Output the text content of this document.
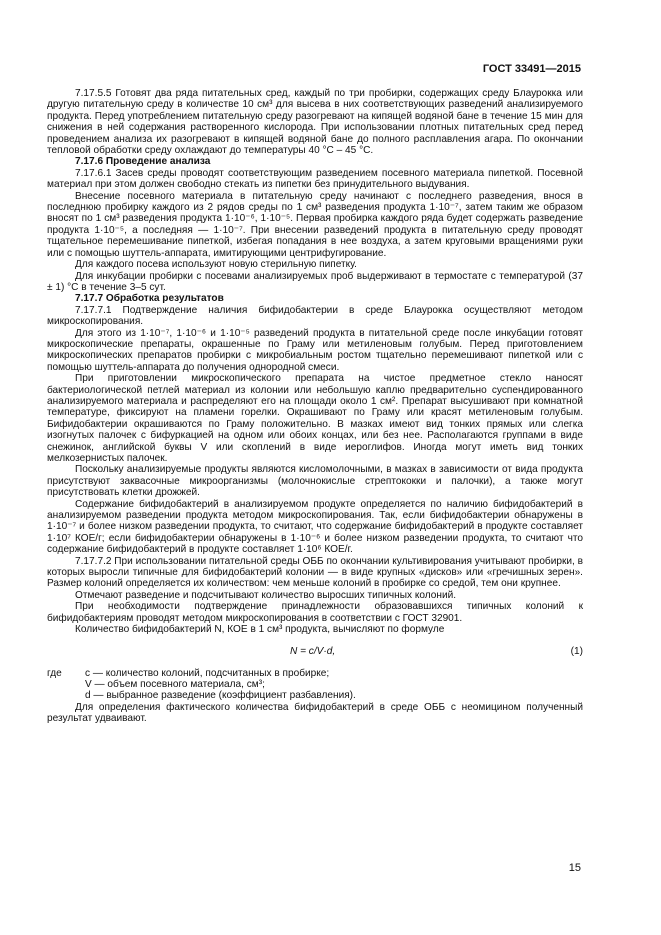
ГОСТ 33491—2015

7.17.5.5 Готовят два ряда питательных сред, каждый по три пробирки, содержащих среду Блаурокка или другую питательную среду в количестве 10 см³ для высева в них соответствующих разведений анализируемого продукта. Перед употреблением питательную среду разогревают на кипящей водяной бане в течение 15 мин для снижения в ней содержания растворенного кислорода. При использовании плотных питательных сред перед проведением анализа их разогревают в кипящей водяной бане до полного расплавления агара. По окончании тепловой обработки среду охлаждают до температуры 40 °С – 45 °С.

7.17.6 Проведение анализа

7.17.6.1 Засев среды проводят соответствующим разведением посевного материала пипеткой. Посевной материал при этом должен свободно стекать из пипетки без принудительного выдувания.

Внесение посевного материала в питательную среду начинают с последнего разведения, внося в последнюю пробирку каждого из 2 рядов среды по 1 см³ разведения продукта 1·10⁻⁷, затем таким же образом вносят по 1 см³ разведения продукта 1·10⁻⁶, 1·10⁻⁵. Первая пробирка каждого ряда будет содержать разведение продукта 1·10⁻⁵, а последняя — 1·10⁻⁷. При внесении разведений продукта в питательную среду проводят тщательное перемешивание пипеткой, избегая попадания в нее воздуха, а затем круговыми вращениями руки или с помощью шуттель-аппарата, имитирующими центрифугирование.

Для каждого посева используют новую стерильную пипетку.

Для инкубации пробирки с посевами анализируемых проб выдерживают в термостате с температурой (37 ± 1) °С в течение 3–5 сут.

7.17.7 Обработка результатов

7.17.7.1 Подтверждение наличия бифидобактерии в среде Блаурокка осуществляют методом микроскопирования.

Для этого из 1·10⁻⁷, 1·10⁻⁶ и 1·10⁻⁵ разведений продукта в питательной среде после инкубации готовят микроскопические препараты, окрашенные по Граму или метиленовым голубым. Перед приготовлением микроскопических препаратов пробирки с микробиальным ростом тщательно перемешивают пипеткой или с помощью шуттель-аппарата до получения однородной смеси.

При приготовлении микроскопического препарата на чистое предметное стекло наносят бактериологической петлей материал из колонии или небольшую каплю предварительно суспендированного анализируемого материала и распределяют его на площади около 1 см². Препарат высушивают при комнатной температуре, фиксируют на пламени горелки. Окрашивают по Граму или красят метиленовым голубым. Бифидобактерии окрашиваются по Граму положительно. В мазках имеют вид тонких прямых или слегка изогнутых палочек с бифуркацией на одном или обоих концах, или без нее. Располагаются группами в виде снежинок, английской буквы V или скоплений в виде иероглифов. Иногда могут иметь вид тонких мелкозернистых палочек.

Поскольку анализируемые продукты являются кисломолочными, в мазках в зависимости от вида продукта присутствуют заквасочные микроорганизмы (молочнокислые стрептококки и палочки), а также могут присутствовать клетки дрожжей.

Содержание бифидобактерий в анализируемом продукте определяется по наличию бифидобактерий в анализируемом разведении продукта методом микроскопирования. Так, если бифидобактерии обнаружены в 1·10⁻⁷ и более низком разведении продукта, то считают, что содержание бифидобактерий в продукте составляет 1·10⁷ КОЕ/г; если бифидобактерии обнаружены в 1·10⁻⁶ и более низком разведении продукта, то считают что содержание бифидобактерий в продукте составляет 1·10⁶ КОЕ/г.

7.17.7.2 При использовании питательной среды ОББ по окончании культивирования учитывают пробирки, в которых выросли типичные для бифидобактерий колонии — в виде крупных «дисков» или «гречишных зерен». Размер колоний определяется их количеством: чем меньше колоний в пробирке со средой, тем они крупнее.

Отмечают разведение и подсчитывают количество выросших типичных колоний.

При необходимости подтверждение принадлежности образовавшихся типичных колоний к бифидобактериям проводят методом микроскопирования в соответствии с ГОСТ 32901.

Количество бифидобактерий N, КОЕ в 1 см³ продукта, вычисляют по формуле

N = c/V·d,	(1)
где	c — количество колоний, подсчитанных в пробирке;
V — объем посевного материала, см³;
d — выбранное разведение (коэффициент разбавления).

Для определения фактического количества бифидобактерий в среде ОББ с неомицином полученный результат удваивают.

15
